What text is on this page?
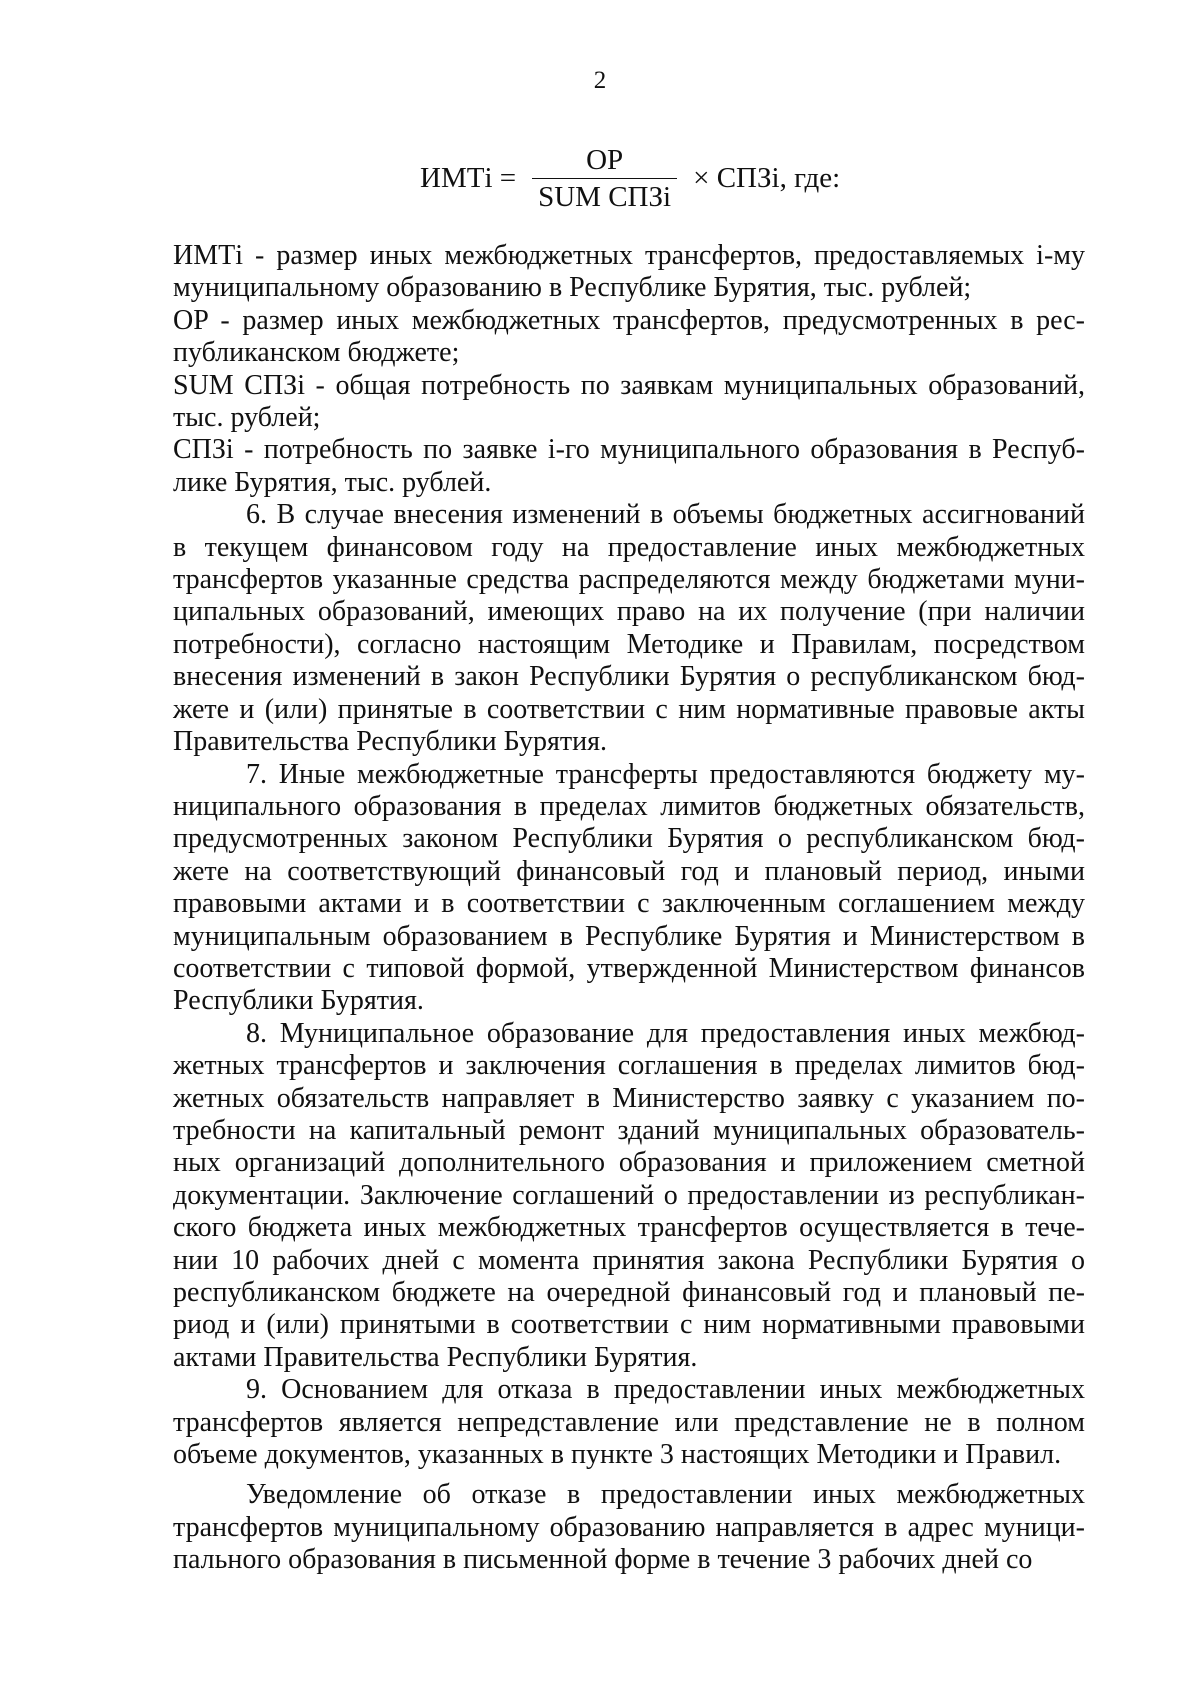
2
ИМТi = $\frac{OP}{\text{SUM СПЗi}}$ × СПЗi, где:

ИМТi - размер иных межбюджетных трансфертов, предоставляемых i-му муниципальному образованию в Республике Бурятия, тыс. рублей;

OP - размер иных межбюджетных трансфертов, предусмотренных в республиканском бюджете;

SUM СПЗi - общая потребность по заявкам муниципальных образований, тыс. рублей;

СПЗi - потребность по заявке i-го муниципального образования в Республике Бурятия, тыс. рублей.

6. В случае внесения изменений в объемы бюджетных ассигнований в текущем финансовом году на предоставление иных межбюджетных трансфертов указанные средства распределяются между бюджетами муниципальных образований, имеющих право на их получение (при наличии потребности), согласно настоящим Методике и Правилам, посредством внесения изменений в закон Республики Бурятия о республиканском бюджете и (или) принятые в соответствии с ним нормативные правовые акты Правительства Республики Бурятия.

7. Иные межбюджетные трансферты предоставляются бюджету муниципального образования в пределах лимитов бюджетных обязательств, предусмотренных законом Республики Бурятия о республиканском бюджете на соответствующий финансовый год и плановый период, иными правовыми актами и в соответствии с заключенным соглашением между муниципальным образованием в Республике Бурятия и Министерством в соответствии с типовой формой, утвержденной Министерством финансов Республики Бурятия.

8. Муниципальное образование для предоставления иных межбюджетных трансфертов и заключения соглашения в пределах лимитов бюджетных обязательств направляет в Министерство заявку с указанием потребности на капитальный ремонт зданий муниципальных образовательных организаций дополнительного образования и приложением сметной документации. Заключение соглашений о предоставлении из республиканского бюджета иных межбюджетных трансфертов осуществляется в течении 10 рабочих дней с момента принятия закона Республики Бурятия о республиканском бюджете на очередной финансовый год и плановый период и (или) принятыми в соответствии с ним нормативными правовыми актами Правительства Республики Бурятия.

9. Основанием для отказа в предоставлении иных межбюджетных трансфертов является непредставление или представление не в полном объеме документов, указанных в пункте 3 настоящих Методики и Правил.

Уведомление об отказе в предоставлении иных межбюджетных трансфертов муниципальному образованию направляется в адрес муниципального образования в письменной форме в течение 3 рабочих дней со
